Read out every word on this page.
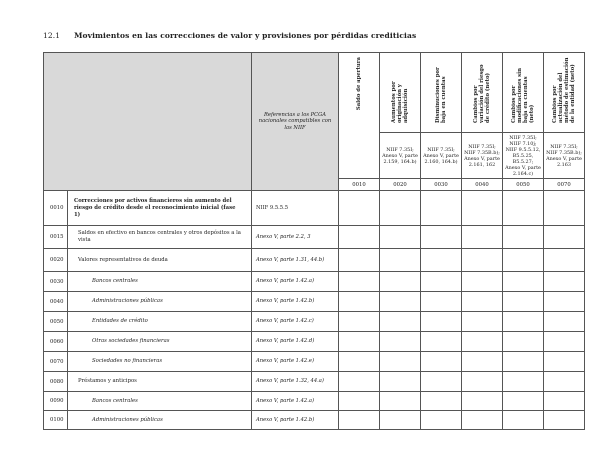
12.1 Movimientos en las correcciones de valor y provisiones por pérdidas crediticias
		Referencias a los PCGA nacionales compatibles con las NIIF	Saldo de apertura	Aumentos por originación y adquisición	Disminuciones por baja en cuentas	Cambios por variación del riesgo de crédito (neto)	Cambios por modificaciones sin baja en cuentas (neto)	Cambios por actualización del método de estimación de la entidad (neto)

				NIIF 7.35I; Anexo V, parte 2.159, 164.b)	NIIF 7.35I; Anexo V, parte 2.160, 164.b)	NIIF 7.35I; NIIF 7.35B.b); Anexo V, parte 2.161, 162	NIIF 7.35I; NIIF 7.10j; NIIF 9.5.5.12, B5.5.25, B5.5.27; Anexo V, parte 2.164.c)	NIIF 7.35I; NIIF 7.35B.b); Anexo V, parte 2.163
			0010	0020	0030	0040	0050	0070
0010	Correcciones por activos financieros sin aumento del riesgo de crédito desde el reconocimiento inicial (fase 1)	NIIF 9.5.5.5						
0015	Saldos en efectivo en bancos centrales y otros depósitos a la vista	Anexo V, parte 2.2, 3						
0020	Valores representativos de deuda	Anexo V, parte 1.31, 44.b)						
0030	Bancos centrales	Anexo V, parte 1.42.a)						
0040	Administraciones públicas	Anexo V, parte 1.42.b)						
0050	Entidades de crédito	Anexo V, parte 1.42.c)						
0060	Otras sociedades financieras	Anexo V, parte 1.42.d)						
0070	Sociedades no financieras	Anexo V, parte 1.42.e)						
0080	Préstamos y anticipos	Anexo V, parte 1.32, 44.a)						
0090	Bancos centrales	Anexo V, parte 1.42.a)						
0100	Administraciones públicas	Anexo V, parte 1.42.b)						
